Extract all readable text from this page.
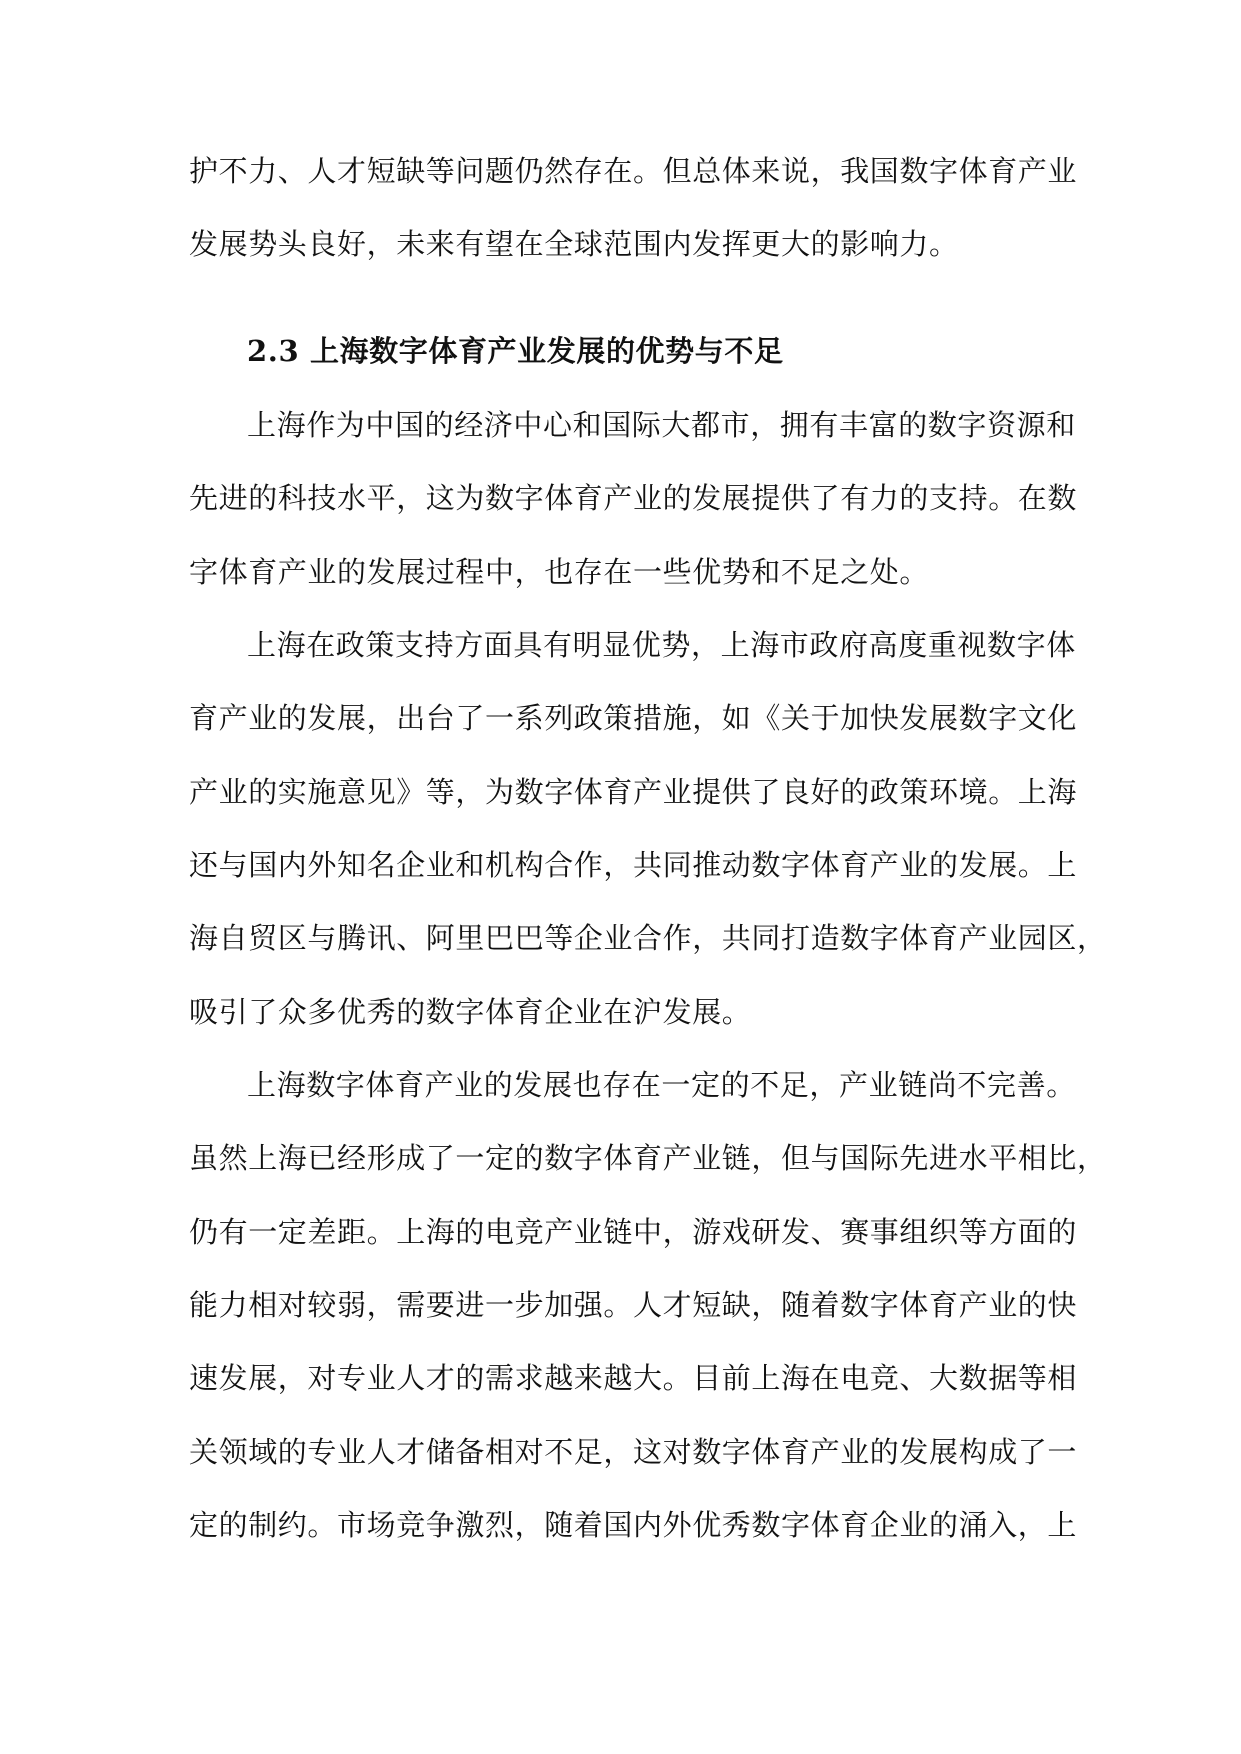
护不力、人才短缺等问题仍然存在。但总体来说，我国数字体育产业
发展势头良好，未来有望在全球范围内发挥更大的影响力。
2.3 上海数字体育产业发展的优势与不足
上海作为中国的经济中心和国际大都市，拥有丰富的数字资源和
先进的科技水平，这为数字体育产业的发展提供了有力的支持。在数
字体育产业的发展过程中，也存在一些优势和不足之处。
上海在政策支持方面具有明显优势，上海市政府高度重视数字体
育产业的发展，出台了一系列政策措施，如《关于加快发展数字文化
产业的实施意见》等，为数字体育产业提供了良好的政策环境。上海
还与国内外知名企业和机构合作，共同推动数字体育产业的发展。上
海自贸区与腾讯、阿里巴巴等企业合作，共同打造数字体育产业园区，
吸引了众多优秀的数字体育企业在沪发展。
上海数字体育产业的发展也存在一定的不足，产业链尚不完善。
虽然上海已经形成了一定的数字体育产业链，但与国际先进水平相比，
仍有一定差距。上海的电竞产业链中，游戏研发、赛事组织等方面的
能力相对较弱，需要进一步加强。人才短缺，随着数字体育产业的快
速发展，对专业人才的需求越来越大。目前上海在电竞、大数据等相
关领域的专业人才储备相对不足，这对数字体育产业的发展构成了一
定的制约。市场竞争激烈，随着国内外优秀数字体育企业的涌入，上
